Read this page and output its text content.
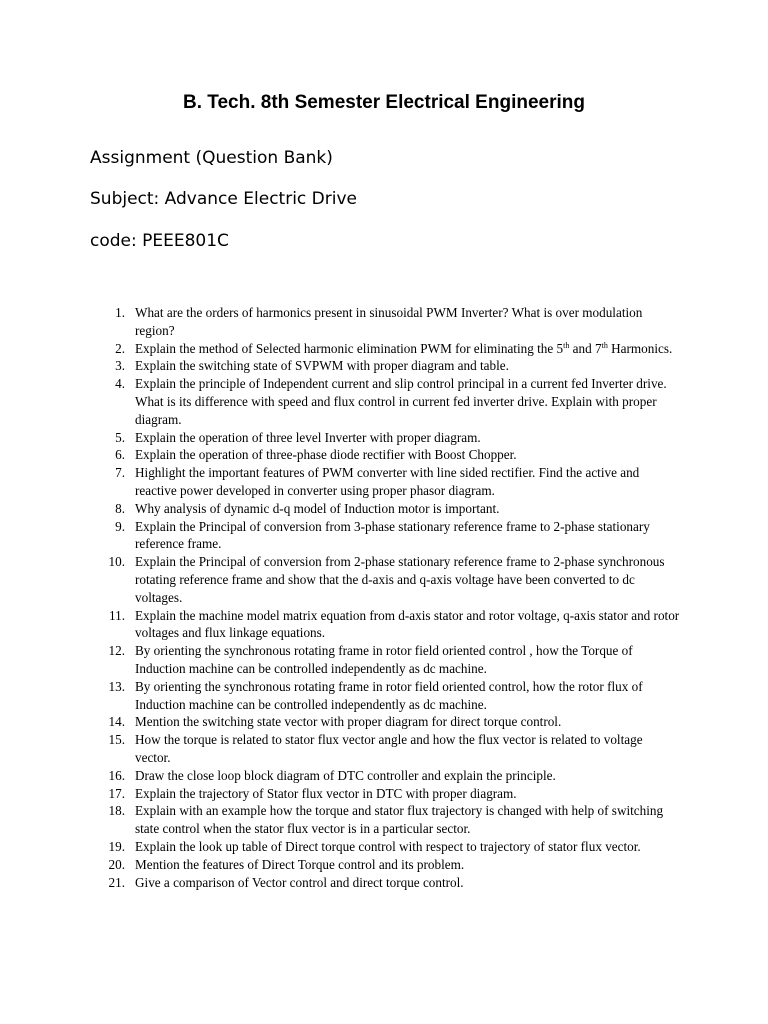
B. Tech. 8th Semester Electrical Engineering
Assignment (Question Bank)
Subject: Advance Electric Drive
code: PEEE801C
1. What are the orders of harmonics present in sinusoidal PWM Inverter? What is over modulation region?
2. Explain the method of Selected harmonic elimination PWM for eliminating the 5th and 7th Harmonics.
3. Explain the switching state of SVPWM with proper diagram and table.
4. Explain the principle of Independent current and slip control principal in a current fed Inverter drive. What is its difference with speed and flux control in current fed inverter drive. Explain with proper diagram.
5. Explain the operation of three level Inverter with proper diagram.
6. Explain the operation of three-phase diode rectifier with Boost Chopper.
7. Highlight the important features of PWM converter with line sided rectifier. Find the active and reactive power developed in converter using proper phasor diagram.
8. Why analysis of dynamic d-q model of Induction motor is important.
9. Explain the Principal of conversion from 3-phase stationary reference frame to 2-phase stationary reference frame.
10. Explain the Principal of conversion from 2-phase stationary reference frame to 2-phase synchronous rotating reference frame and show that the d-axis and q-axis voltage have been converted to dc voltages.
11. Explain the machine model matrix equation from d-axis stator and rotor voltage, q-axis stator and rotor voltages and flux linkage equations.
12. By orienting the synchronous rotating frame in rotor field oriented control , how the Torque of Induction machine can be controlled independently as dc machine.
13. By orienting the synchronous rotating frame in rotor field oriented control, how the rotor flux of Induction machine can be controlled independently as dc machine.
14. Mention the switching state vector with proper diagram for direct torque control.
15. How the torque is related to stator flux vector angle and how the flux vector is related to voltage vector.
16. Draw the close loop block diagram of DTC controller and explain the principle.
17. Explain the trajectory of Stator flux vector in DTC with proper diagram.
18. Explain with an example how the torque and stator flux trajectory is changed with help of switching state control when the stator flux vector is in a particular sector.
19. Explain the look up table of Direct torque control with respect to trajectory of stator flux vector.
20. Mention the features of Direct Torque control and its problem.
21. Give a comparison of Vector control and direct torque control.
